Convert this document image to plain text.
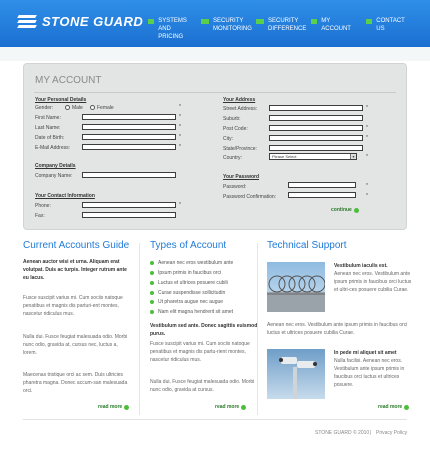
STONE GUARD SYSTEMS
AND PRICING
SECURITY
MONITORING
SECURITY
DIFFERENCE
MY ACCOUNT
CONTACT US
MY ACCOUNT
Your Personal Details
Gender:	Male	Female	*
First Name:	*
Last Name:	*
Date of Birth:	*
E-Mail Address:	*
Company Details
Company Name:
Your Contact Information
Phone:	*
Fax:
Your Address
Street Address:	*
Suburb:
Post Code:	*
City:	*
State/Province:
Country:	Please Select	▾	*
Your Password
Password:	*
Password Confirmation:	*
continue
Current Accounts Guide
Aenean auctor wisi et urna. Aliquam erat volutpat. Duis ac turpis. Integer rutrum ante eu lacus.
Fusce suscipit varius mi. Cum sociis natoque penatibus et magnis dis parturi-ent montes, nascetur ridiculus mus.
Nulla dui. Fusce feugiat malesuada odio. Morbi nunc odio, gravida at, cursus nec, luctus a, lorem.
Maecenas tristique orci ac sem. Duis ultricies pharetra magna. Donec accum-san malesuada orci.
read more
Types of Account
Aenean nec eros westibulum ante
Ipsum primis in faucibus orci
Luctus et ultrices posuere cubili
Curae suspendisse sollicitudin
Ut pharetra augue nec augue
Nam elit magna hendrerit sit amet
Vestibulum sed ante. Donec sagittis euismod purus.
Fusce suscipit varius mi. Cum sociis natoque penatibus et magnis dis partu-rient montes, nascetur ridiculus mus.
Nulla dui. Fusce feugiat malesuada odio. Morbi nunc odio, gravida at cursus.
read more
Technical Support
Vestibulum iaculis est.
Aenean nec eros. Vestibulum ante ipsum primis in faucibus orci luctus et ultri-ces posuere cubilia Curae.
Aenean nec eros. Vestibulum ante ipsum primis in faucibus orci luctus et ultrices posuere cubilia Curae.
In pede mi aliquet sit amet
Nulla facilisi. Aenean nec eros. Vestibulum ante ipsum primis in faucibus orci luctus et ultrices posuere.
read more
STONE GUARD © 2010 | Privacy Policy
